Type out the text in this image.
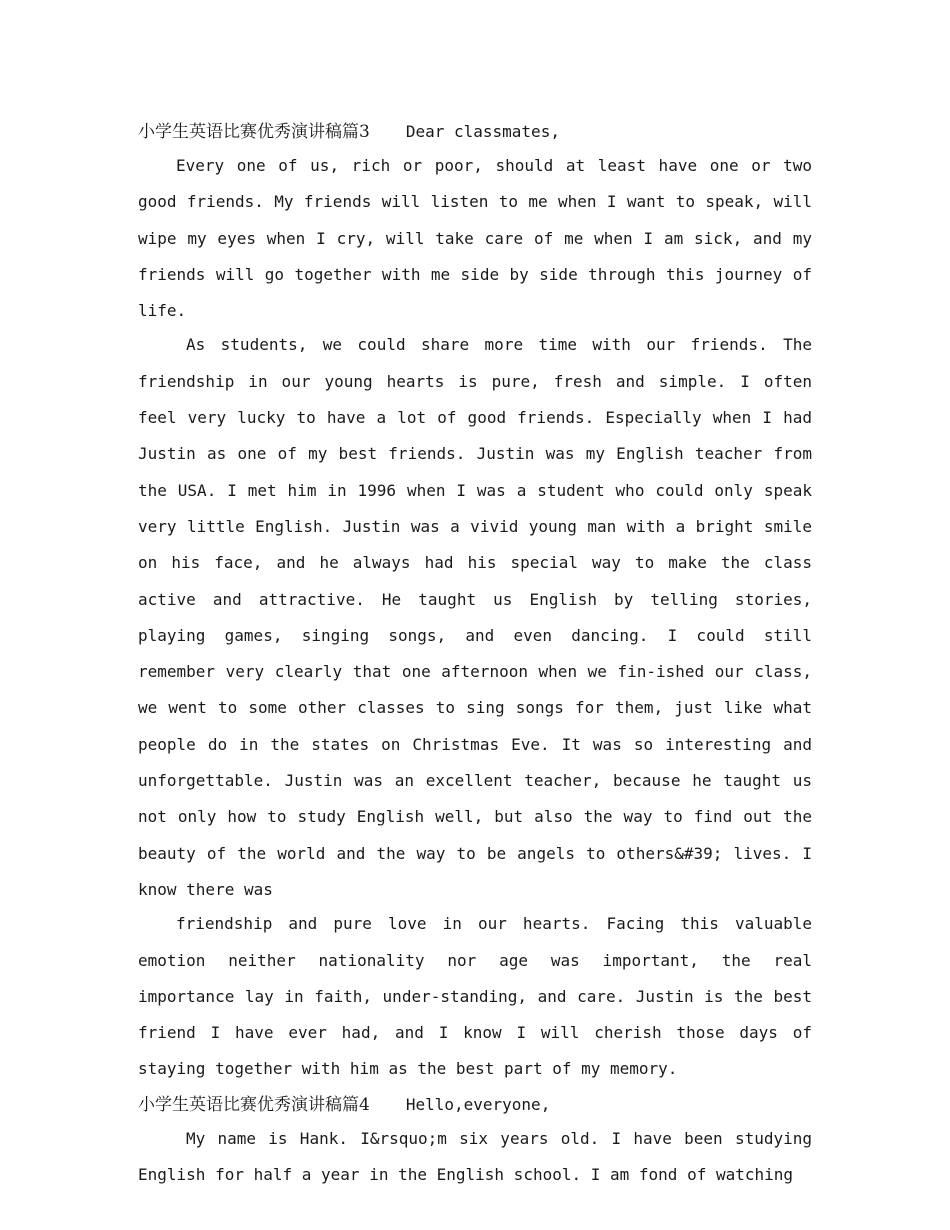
小学生英语比赛优秀演讲稿篇3 Dear classmates,

Every one of us, rich or poor, should at least have one or two good friends. My friends will listen to me when I want to speak, will wipe my eyes when I cry, will take care of me when I am sick, and my friends will go together with me side by side through this journey of life.

As students, we could share more time with our friends. The friendship in our young hearts is pure, fresh and simple. I often feel very lucky to have a lot of good friends. Especially when I had Justin as one of my best friends. Justin was my English teacher from the USA. I met him in 1996 when I was a student who could only speak very little English. Justin was a vivid young man with a bright smile on his face, and he always had his special way to make the class active and attractive. He taught us English by telling stories, playing games, singing songs, and even dancing. I could still remember very clearly that one afternoon when we fin-ished our class, we went to some other classes to sing songs for them, just like what people do in the states on Christmas Eve. It was so interesting and unforgettable. Justin was an excellent teacher, because he taught us not only how to study English well, but also the way to find out the beauty of the world and the way to be angels to others&#39; lives. I know there was

friendship and pure love in our hearts. Facing this valuable emotion neither nationality nor age was important, the real importance lay in faith, under-standing, and care. Justin is the best friend I have ever had, and I know I will cherish those days of staying together with him as the best part of my memory.

小学生英语比赛优秀演讲稿篇4 Hello,everyone,

My name is Hank. I&rsquo;m six years old. I have been studying English for half a year in the English school. I am fond of watching
